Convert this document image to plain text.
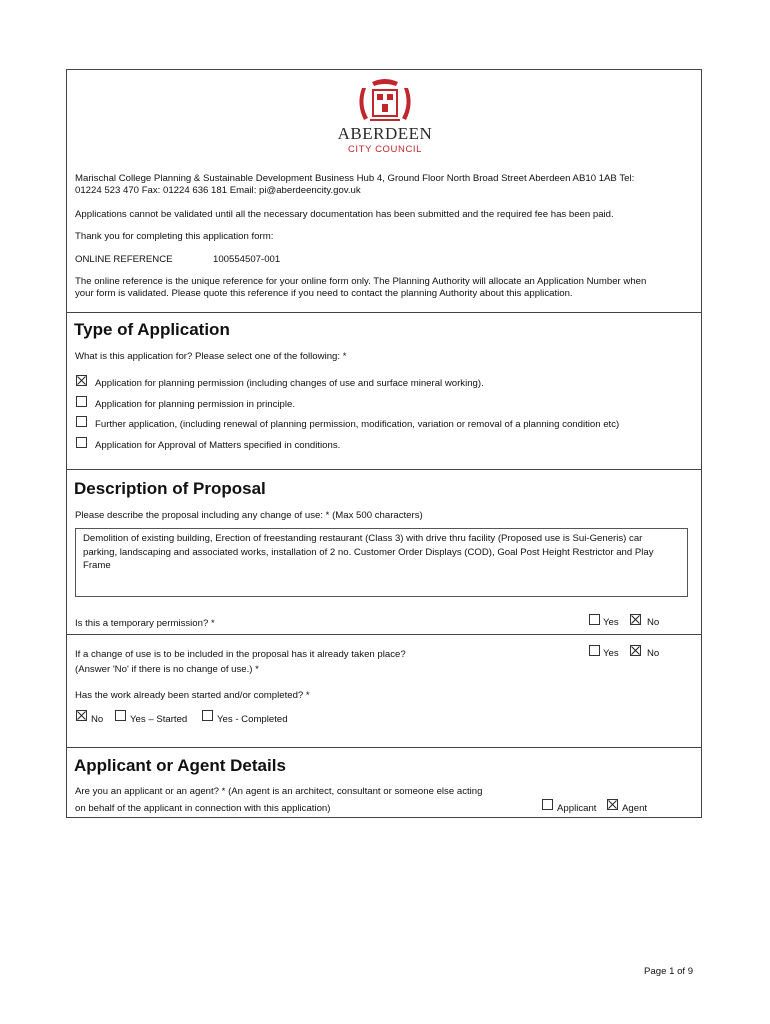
ABERDEEN
CITY COUNCIL
Marischal College Planning & Sustainable Development Business Hub 4, Ground Floor North Broad Street Aberdeen AB10 1AB Tel:
01224 523 470 Fax: 01224 636 181 Email: pi@aberdeencity.gov.uk
Applications cannot be validated until all the necessary documentation has been submitted and the required fee has been paid.
Thank you for completing this application form:
ONLINE REFERENCE	100554507-001
The online reference is the unique reference for your online form only. The Planning Authority will allocate an Application Number when
your form is validated. Please quote this reference if you need to contact the planning Authority about this application.
Type of Application
What is this application for? Please select one of the following: *
Application for planning permission (including changes of use and surface mineral working).
Application for planning permission in principle.
Further application, (including renewal of planning permission, modification, variation or removal of a planning condition etc)
Application for Approval of Matters specified in conditions.
Description of Proposal
Please describe the proposal including any change of use: * (Max 500 characters)
Demolition of existing building, Erection of freestanding restaurant (Class 3) with drive thru facility (Proposed use is Sui-Generis) car parking, landscaping and associated works, installation of 2 no. Customer Order Displays (COD), Goal Post Height Restrictor and Play Frame
Is this a temporary permission? *	Yes	No
If a change of use is to be included in the proposal has it already taken place?
(Answer 'No' if there is no change of use.) *
Yes	No
Has the work already been started and/or completed? *
No	Yes – Started	Yes - Completed
Applicant or Agent Details
Are you an applicant or an agent? * (An agent is an architect, consultant or someone else acting
on behalf of the applicant in connection with this application)	Applicant	Agent
Page 1 of 9
